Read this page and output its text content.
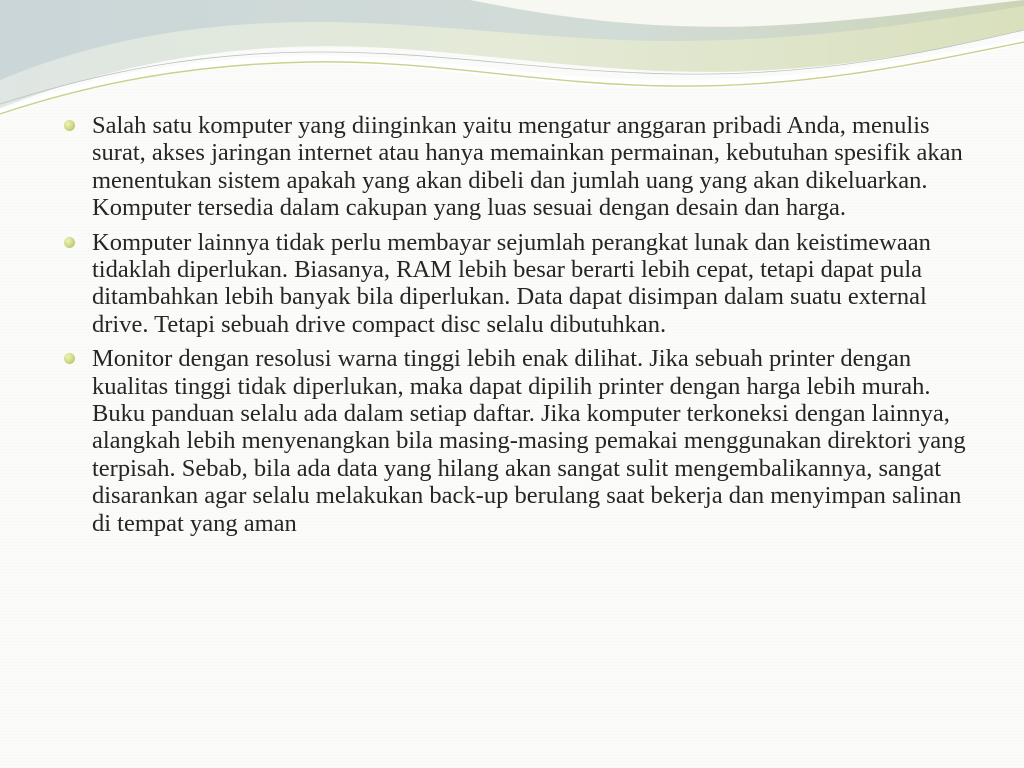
Salah satu komputer yang diinginkan yaitu mengatur anggaran pribadi Anda, menulis surat, akses jaringan internet atau hanya memainkan permainan, kebutuhan spesifik akan menentukan sistem apakah yang akan dibeli dan jumlah uang yang akan dikeluarkan. Komputer tersedia dalam cakupan yang luas sesuai dengan desain dan harga.
Komputer lainnya tidak perlu membayar sejumlah perangkat lunak dan keistimewaan tidaklah diperlukan. Biasanya, RAM lebih besar berarti lebih cepat, tetapi dapat pula ditambahkan lebih banyak bila diperlukan. Data dapat disimpan dalam suatu external drive. Tetapi sebuah drive compact disc selalu dibutuhkan.
Monitor dengan resolusi warna tinggi lebih enak dilihat. Jika sebuah printer dengan kualitas tinggi tidak diperlukan, maka dapat dipilih printer dengan harga lebih murah. Buku panduan selalu ada dalam setiap daftar. Jika komputer terkoneksi dengan lainnya, alangkah lebih menyenangkan bila masing-masing pemakai menggunakan direktori yang terpisah. Sebab, bila ada data yang hilang akan sangat sulit mengembalikannya, sangat disarankan agar selalu melakukan back-up berulang saat bekerja dan menyimpan salinan di tempat yang aman
